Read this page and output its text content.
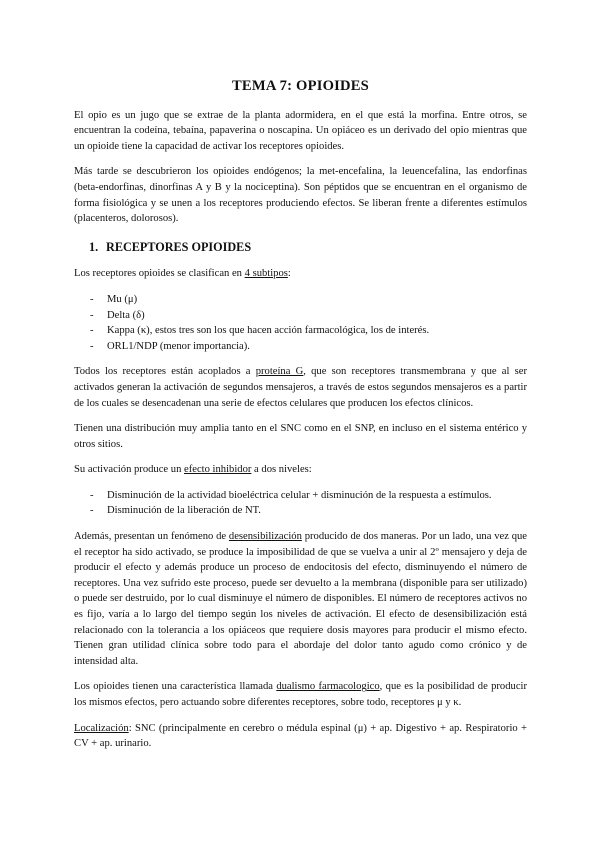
TEMA 7: OPIOIDES

El opio es un jugo que se extrae de la planta adormidera, en el que está la morfina. Entre otros, se encuentran la codeína, tebaína, papaverina o noscapina. Un opiáceo es un derivado del opio mientras que un opioide tiene la capacidad de activar los receptores opioides.

Más tarde se descubrieron los opioides endógenos; la met-encefalina, la leuencefalina, las endorfinas (beta-endorfinas, dinorfinas A y B y la nociceptina). Son péptidos que se encuentran en el organismo de forma fisiológica y se unen a los receptores produciendo efectos. Se liberan frente a diferentes estímulos (placenteros, dolorosos).

1. RECEPTORES OPIOIDES

Los receptores opioides se clasifican en 4 subtipos:

- Mu (μ)
- Delta (δ)
- Kappa (κ), estos tres son los que hacen acción farmacológica, los de interés.
- ORL1/NDP (menor importancia).

Todos los receptores están acoplados a proteína G, que son receptores transmembrana y que al ser activados generan la activación de segundos mensajeros, a través de estos segundos mensajeros es a partir de los cuales se desencadenan una serie de efectos celulares que producen los efectos clínicos.

Tienen una distribución muy amplia tanto en el SNC como en el SNP, en incluso en el sistema entérico y otros sitios.

Su activación produce un efecto inhibidor a dos niveles:

- Disminución de la actividad bioeléctrica celular + disminución de la respuesta a estímulos.
- Disminución de la liberación de NT.

Además, presentan un fenómeno de desensibilización producido de dos maneras. Por un lado, una vez que el receptor ha sido activado, se produce la imposibilidad de que se vuelva a unir al 2º mensajero y deja de producir el efecto y además produce un proceso de endocitosis del efecto, disminuyendo el número de receptores. Una vez sufrido este proceso, puede ser devuelto a la membrana (disponible para ser utilizado) o puede ser destruido, por lo cual disminuye el número de disponibles. El número de receptores activos no es fijo, varía a lo largo del tiempo según los niveles de activación. El efecto de desensibilización está relacionado con la tolerancia a los opiáceos que requiere dosis mayores para producir el mismo efecto. Tienen gran utilidad clínica sobre todo para el abordaje del dolor tanto agudo como crónico y de intensidad alta.

Los opioides tienen una característica llamada dualismo farmacologico, que es la posibilidad de producir los mismos efectos, pero actuando sobre diferentes receptores, sobre todo, receptores μ y κ.

Localización: SNC (principalmente en cerebro o médula espinal (μ) + ap. Digestivo + ap. Respiratorio + CV + ap. urinario.
